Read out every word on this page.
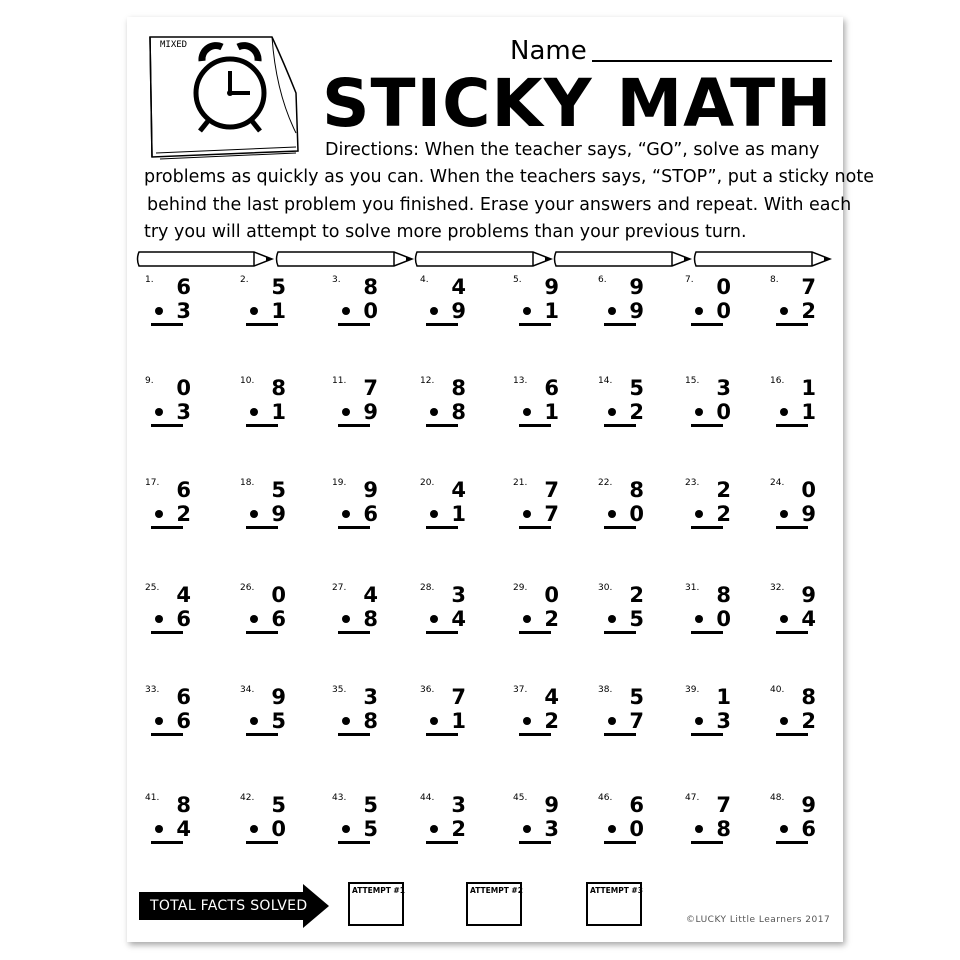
MIXED	Name
STICKY MATH
Directions: When the teacher says, “GO”, solve as many
problems as quickly as you can. When the teachers says, “STOP”, put a sticky note
behind the last problem you finished. Erase your answers and repeat. With each
try you will attempt to solve more problems than your previous turn.
1.	6
3
2.	5
1
3.	8
0
4.	4
9
5.	9
1
6.	9
9
7.	0
0
8.	7
2
9.	0
3
10. 8
1
11. 7
9
12. 8
8
13. 6
1
14. 5
2
15. 3
0
16. 1
1
17. 6
2
18. 5
9
19. 9
6
20. 4
1
21. 7
7
22. 8
0
23. 2
2
24. 0
9
25. 4
6
26. 0
6
27. 4
8
28. 3
4
29. 0
2
30. 2
5
31. 8
0
32. 9
4
33. 6
6
34. 9
5
35. 3
8
36. 7
1
37. 4
2
38. 5
7
39. 1
3
40. 8
2
41. 8
4
42. 5
0
43. 5
5
44. 3
2
45. 9
3
46. 6
0
47. 7
8
48. 9
6
TOTAL FACTS SOLVED
ATTEMPT #1	ATTEMPT #2	ATTEMPT #3
©LUCKY Little Learners 2017
